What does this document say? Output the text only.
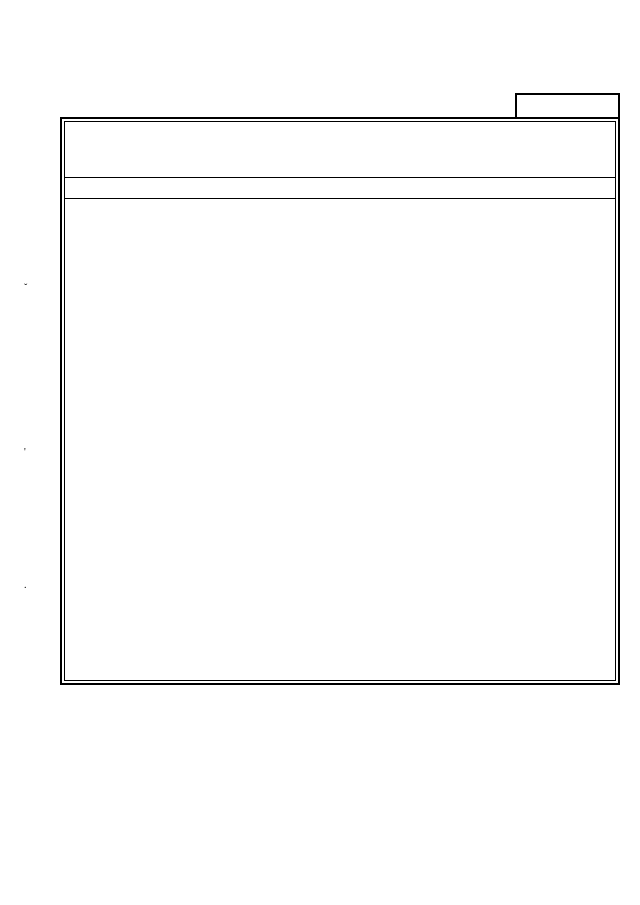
ˇ
'
.
